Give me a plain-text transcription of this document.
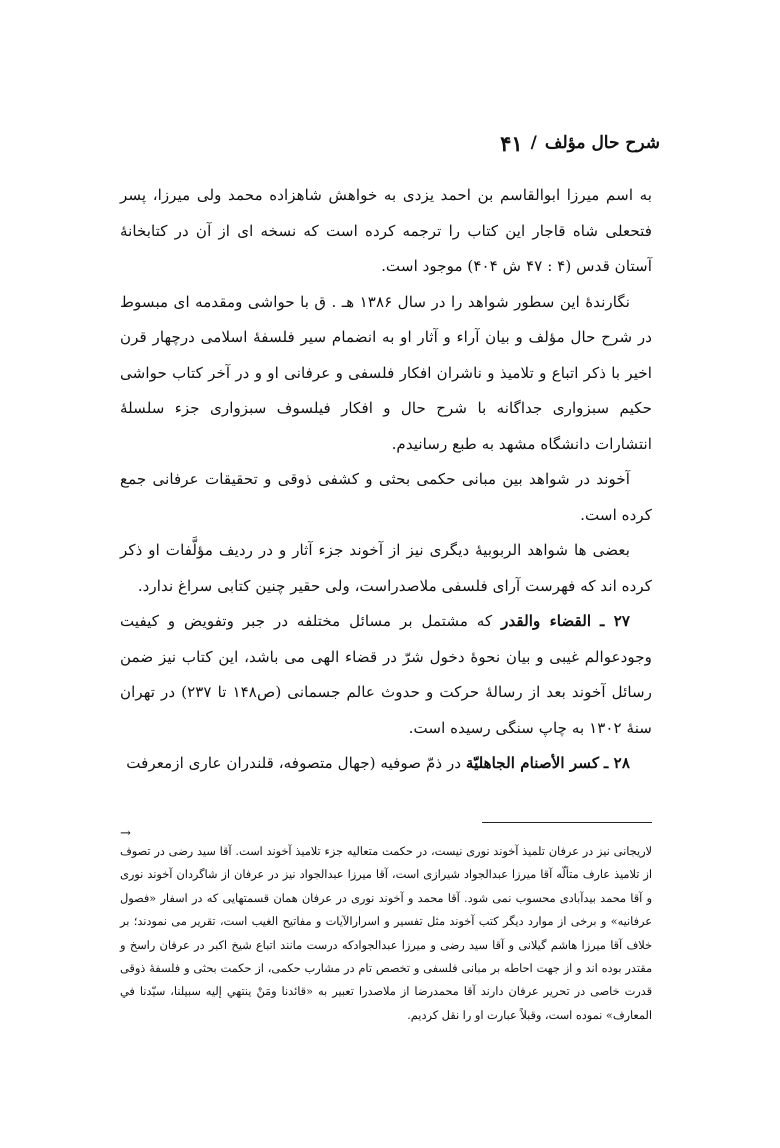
شرح حال مؤلف
/
۴۱

به اسم میرزا ابوالقاسم بن احمد یزدی به خواهش شاهزاده محمد ولی میرزا، پسر فتحعلی شاه قاجار این کتاب را ترجمه کرده است که نسخه ای از آن در کتابخانهٔ آستان قدس (۴ : ۴۷ ش ۴۰۴) موجود است.

نگارندهٔ این سطور شواهد را در سال ۱۳۸۶ هـ . ق با حواشی ومقدمه ای مبسوط در شرح حال مؤلف و بیان آراء و آثار او به انضمام سیر فلسفهٔ اسلامی درچهار قرن اخیر با ذکر اتباع و تلامیذ و ناشران افکار فلسفی و عرفانی او و در آخر کتاب حواشی حکیم سبزواری جداگانه با شرح حال و افکار فیلسوف سبزواری جزء سلسلهٔ انتشارات دانشگاه مشهد به طبع رسانیدم.

آخوند در شواهد بین مبانی حکمی بحثی و کشفی ذوقی و تحقیقات عرفانی جمع کرده است.

بعضی ها شواهد الربوبیهٔ دیگری نیز از آخوند جزء آثار و در ردیف مؤلَّفات او ذکر کرده اند که فهرست آرای فلسفی ملاصدراست، ولی حقیر چنین کتابی سراغ ندارد.

۲۷ ـ القضاء والقدر که مشتمل بر مسائل مختلفه در جبر وتفویض و کیفیت وجودعوالم غیبی و بیان نحوهٔ دخول شرّ در قضاء الهی می باشد، این کتاب نیز ضمن رسائل آخوند بعد از رسالهٔ حرکت و حدوث عالم جسمانی (ص۱۴۸ تا ۲۳۷) در تهران سنهٔ ۱۳۰۲ به چاپ سنگی رسیده است.

۲۸ ـ کسر الأصنام الجاهلیّة در ذمّ صوفیه (جهال متصوفه، قلندران عاری ازمعرفت

→

لاریجانی نیز در عرفان تلمیذ آخوند نوری نیست، در حکمت متعالیه جزء تلامیذ آخوند است. آقا سید رضی در تصوف از تلامیذ عارف متألّه آقا میرزا عبدالجواد شیرازی است، آقا میرزا عبدالجواد نیز در عرفان از شاگردان آخوند نوری و آقا محمد بیدآبادی محسوب نمی شود. آقا محمد و آخوند نوری در عرفان همان قسمتهایی که در اسفار «فصول عرفانیه» و برخی از موارد دیگر کتب آخوند مثل تفسیر و اسرارالآیات و مفاتیح الغیب است، تقریر می نمودند؛ بر خلاف آقا میرزا هاشم گیلانی و آقا سید رضی و میرزا عبدالجوادکه درست مانند اتباع شیخ اکبر در عرفان راسخ و مقتدر بوده اند و از جهت احاطه بر مبانی فلسفی و تخصص تام در مشارب حکمی، از حکمت بحثی و فلسفهٔ ذوقی قدرت خاصی در تحریر عرفان دارند آقا محمدرضا از ملاصدرا تعبیر به «قائدنا ومَنْ ینتهي إلیه سبیلنا، سیّدنا في المعارف» نموده است، وقبلاً عبارت او را نقل کردیم.
